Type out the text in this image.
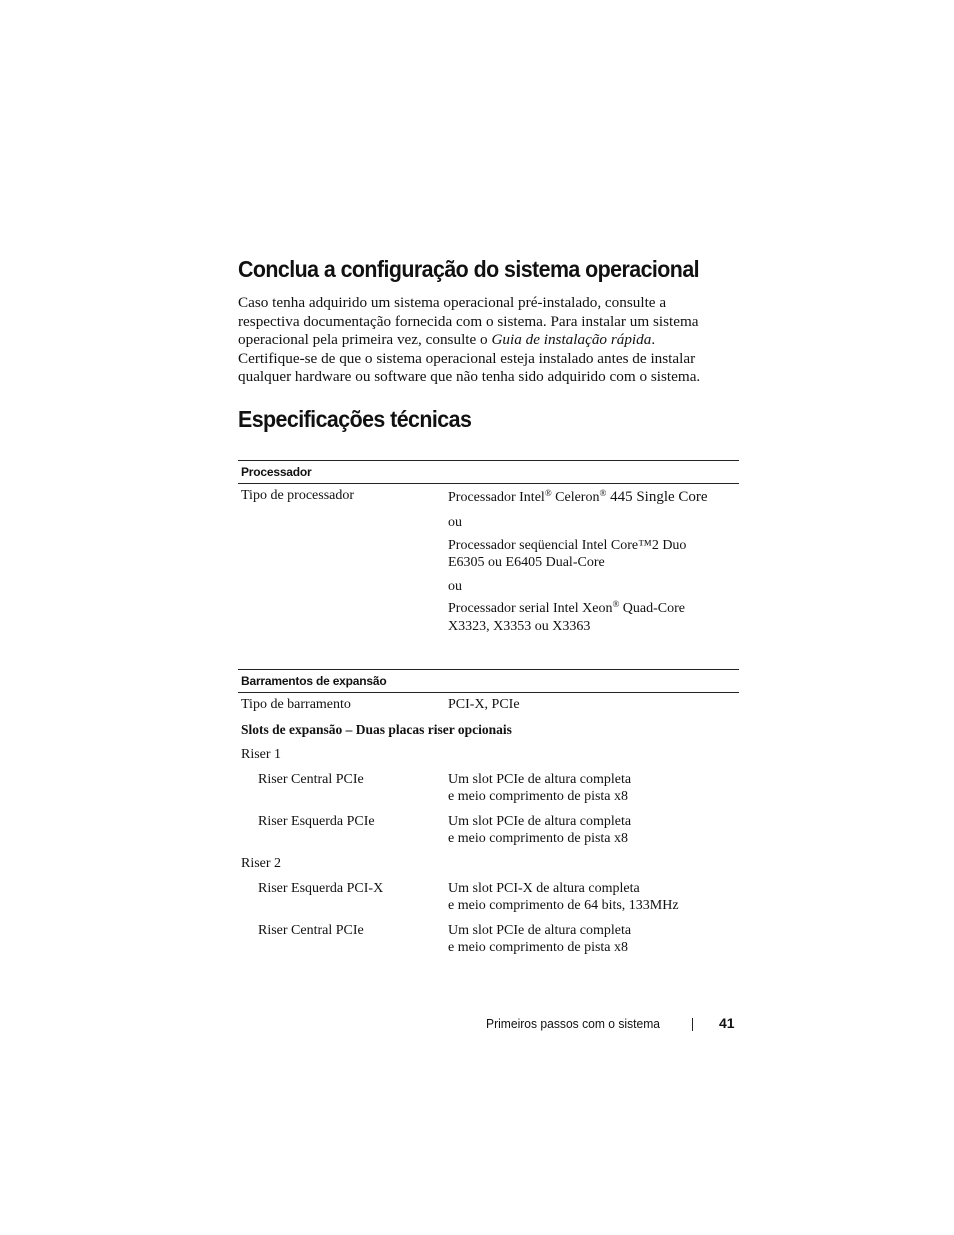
Conclua a configuração do sistema operacional

Caso tenha adquirido um sistema operacional pré-instalado, consulte a
respectiva documentação fornecida com o sistema. Para instalar um sistema
operacional pela primeira vez, consulte o Guia de instalação rápida.
Certifique-se de que o sistema operacional esteja instalado antes de instalar
qualquer hardware ou software que não tenha sido adquirido com o sistema.

Especificações técnicas
Processador
Tipo de processador	Processador Intel® Celeron® 445 Single Core
ou
Processador seqüencial Intel Core™2 Duo
E6305 ou E6405 Dual-Core
ou
Processador serial Intel Xeon® Quad-Core
X3323, X3353 ou X3363
Barramentos de expansão
Tipo de barramento	PCI-X, PCIe
Slots de expansão – Duas placas riser opcionais
Riser 1
Riser Central PCIe	Um slot PCIe de altura completa
e meio comprimento de pista x8
Riser Esquerda PCIe	Um slot PCIe de altura completa
e meio comprimento de pista x8
Riser 2
Riser Esquerda PCI-X	Um slot PCI-X de altura completa
e meio comprimento de 64 bits, 133MHz
Riser Central PCIe	Um slot PCIe de altura completa
e meio comprimento de pista x8
Primeiros passos com o sistema	41
